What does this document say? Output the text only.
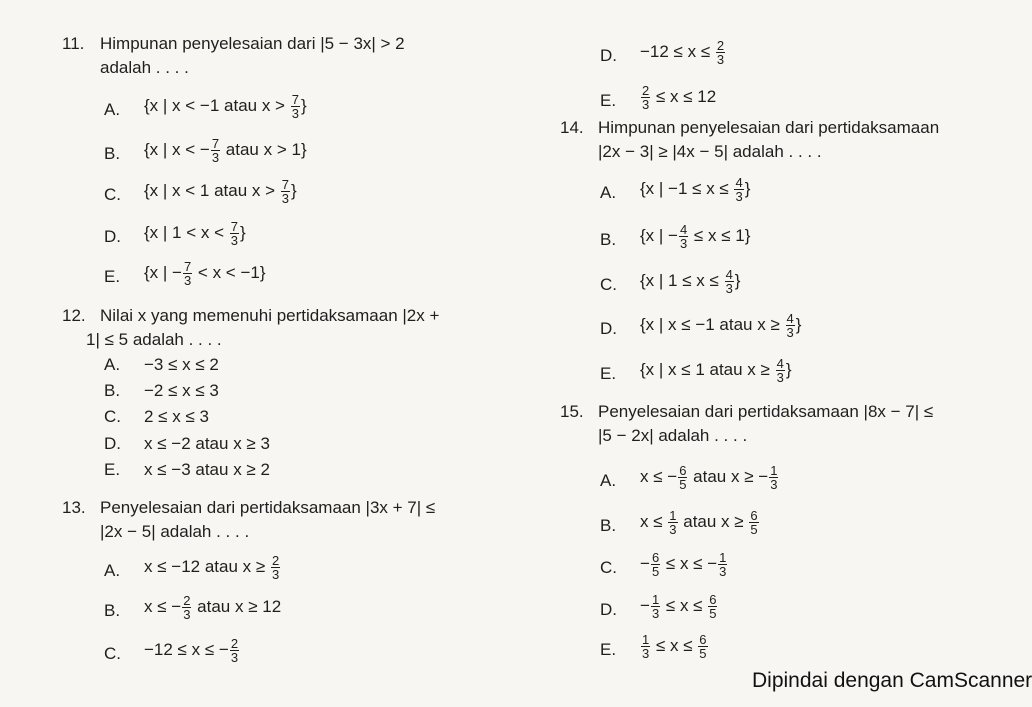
11. Himpunan penyelesaian dari |5 − 3x| > 2
adalah . . . .
A. {x | x < −1 atau $x > \frac{7}{3}$ }
B. {x | x < − $\frac{7}{3}$ atau x > 1}
C. {x | x < 1 atau $x > \frac{7}{3}$ }
D. {x | $1 < x < \frac{7}{3}$ }
E. {x | − $\frac{7}{3} < x < -1$}
12. Nilai x yang memenuhi pertidaksamaan |2x +
1| ≤ 5 adalah . . . .
A. −3 ≤ x ≤ 2
B. −2 ≤ x ≤ 3
C. 2 ≤ x ≤ 3
D. x ≤ −2 atau x ≥ 3
E. x ≤ −3 atau x ≥ 2
13. Penyelesaian dari pertidaksamaan |3x + 7| ≤
|2x − 5| adalah . . . .
A. x ≤ −12 atau $x \ge \frac{2}{3}$
B. x ≤ − $\frac{2}{3}$ atau x ≥ 12
C. −12 ≤ x ≤ − $\frac{2}{3}$
D. $-12 \le x \le \frac{2}{3}$
E. $\frac{2}{3} \le x \le 12$
14. Himpunan penyelesaian dari pertidaksamaan
|2x − 3| ≥ |4x − 5| adalah . . . .
A. {x | $-1 \le x \le \frac{4}{3}$ }
B. {x | − $\frac{4}{3} \le x \le 1$}
C. {x | $1 \le x \le \frac{4}{3}$ }
D. {x | x ≤ −1 atau $x \ge \frac{4}{3}$ }
E. {x | x ≤ 1 atau $x \ge \frac{4}{3}$ }
15. Penyelesaian dari pertidaksamaan |8x − 7| ≤
|5 − 2x| adalah . . . .
A. x ≤ − $\frac{6}{5}$ atau x ≥ − $\frac{1}{3}$
B. $x \le \frac{1}{3}$ atau $x \ge \frac{6}{5}$
C. − $\frac{6}{5} \le x$ ≤ − $\frac{1}{3}$
D. − $\frac{1}{3} \le x \le \frac{6}{5}$
E. $\frac{1}{3} \le x \le \frac{6}{5}$
Dipindai dengan CamScanner
